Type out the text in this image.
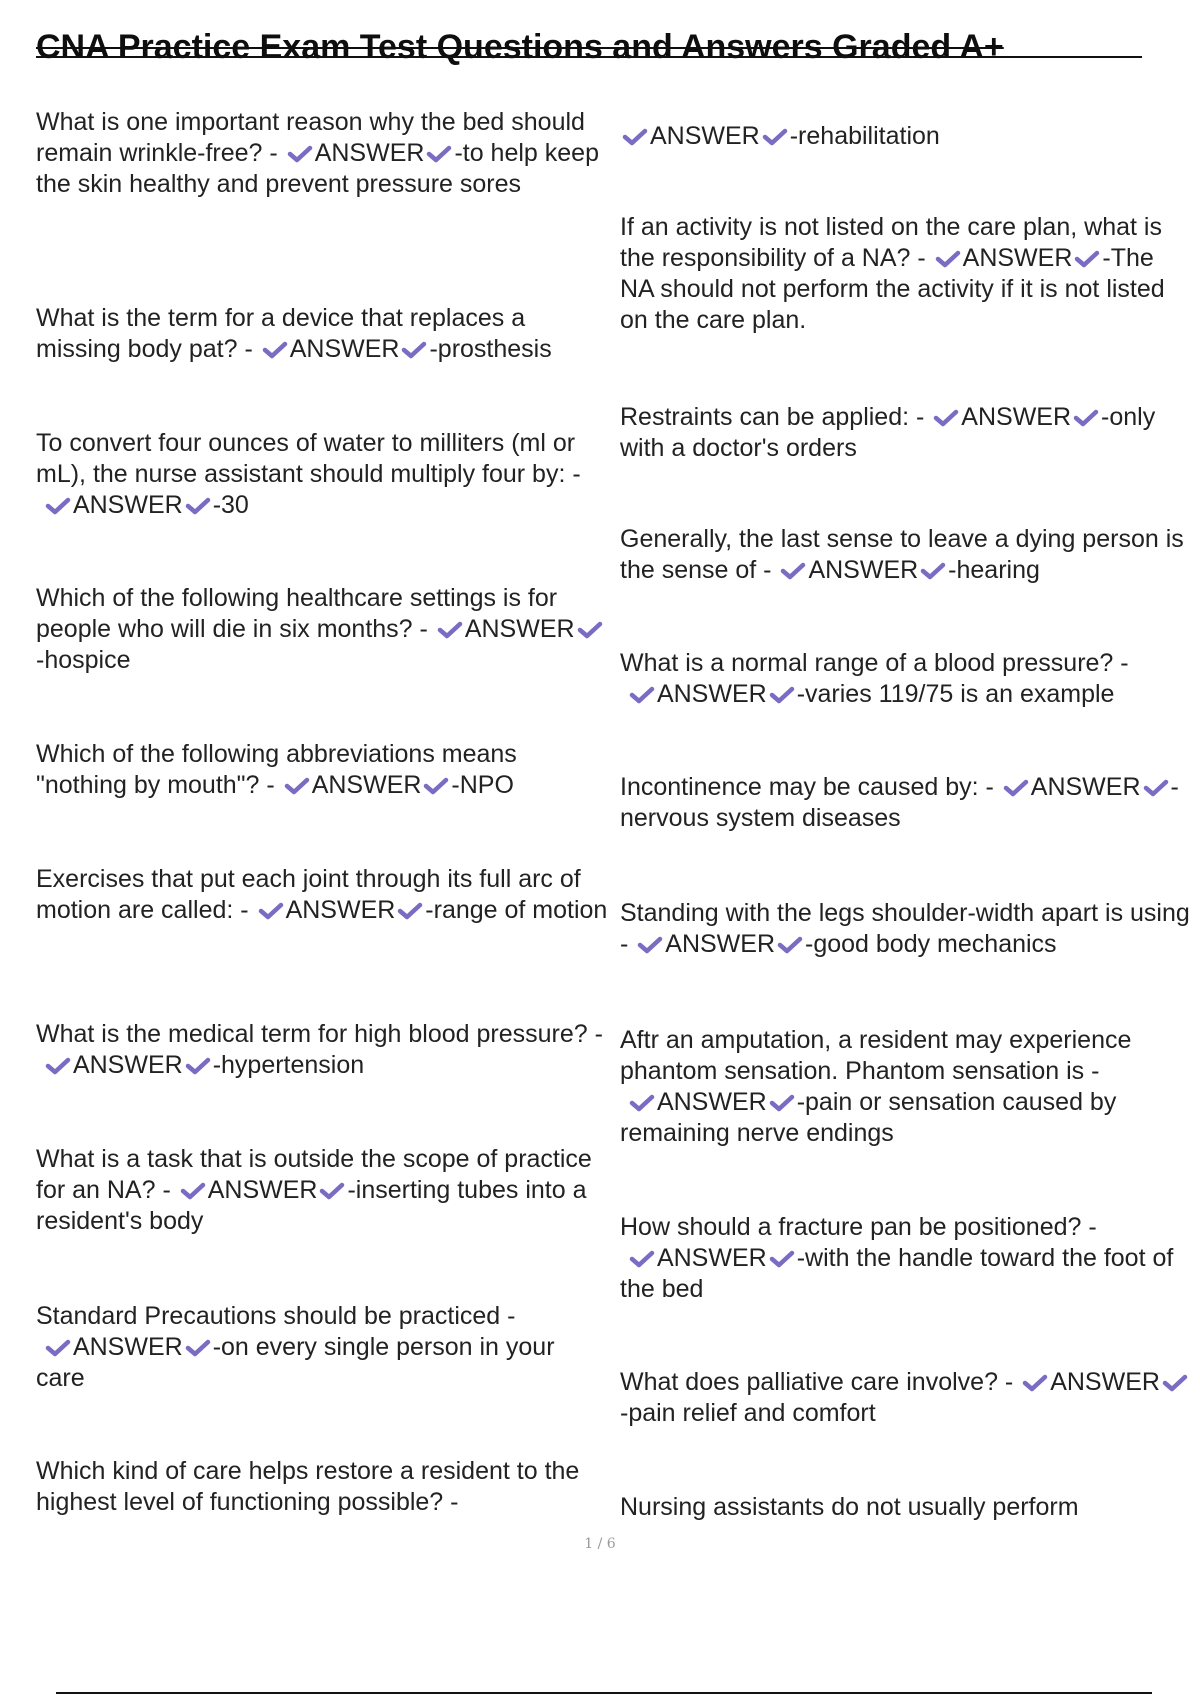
CNA Practice Exam Test Questions and Answers Graded A+

What is one important reason why the bed should remain wrinkle-free? - ANSWER -to help keep the skin healthy and prevent pressure sores

What is the term for a device that replaces a missing body pat? - ANSWER -prosthesis

To convert four ounces of water to milliters (ml or mL), the nurse assistant should multiply four by: - ANSWER -30

Which of the following healthcare settings is for people who will die in six months? - ANSWER-hospice

Which of the following abbreviations means "nothing by mouth"? - ANSWER -NPO

Exercises that put each joint through its full arc of motion are called: - ANSWER -range of motion

What is the medical term for high blood pressure? - ANSWER -hypertension

What is a task that is outside the scope of practice for an NA? - ANSWER -inserting tubes into a resident's body

Standard Precautions should be practiced - ANSWER -on every single person in your care

Which kind of care helps restore a resident to the highest level of functioning possible? -

ANSWER -rehabilitation

If an activity is not listed on the care plan, what is the responsibility of a NA? - ANSWER -The NA should not perform the activity if it is not listed on the care plan.

Restraints can be applied: - ANSWER -only with a doctor's orders

Generally, the last sense to leave a dying person is the sense of - ANSWER -hearing

What is a normal range of a blood pressure? - ANSWER -varies 119/75 is an example

Incontinence may be caused by: - ANSWER -nervous system diseases

Standing with the legs shoulder-width apart is using - ANSWER -good body mechanics

Aftr an amputation, a resident may experience phantom sensation. Phantom sensation is - ANSWER -pain or sensation caused by remaining nerve endings

How should a fracture pan be positioned? - ANSWER -with the handle toward the foot of the bed

What does palliative care involve? - ANSWER-pain relief and comfort

Nursing assistants do not usually perform

1 / 6
